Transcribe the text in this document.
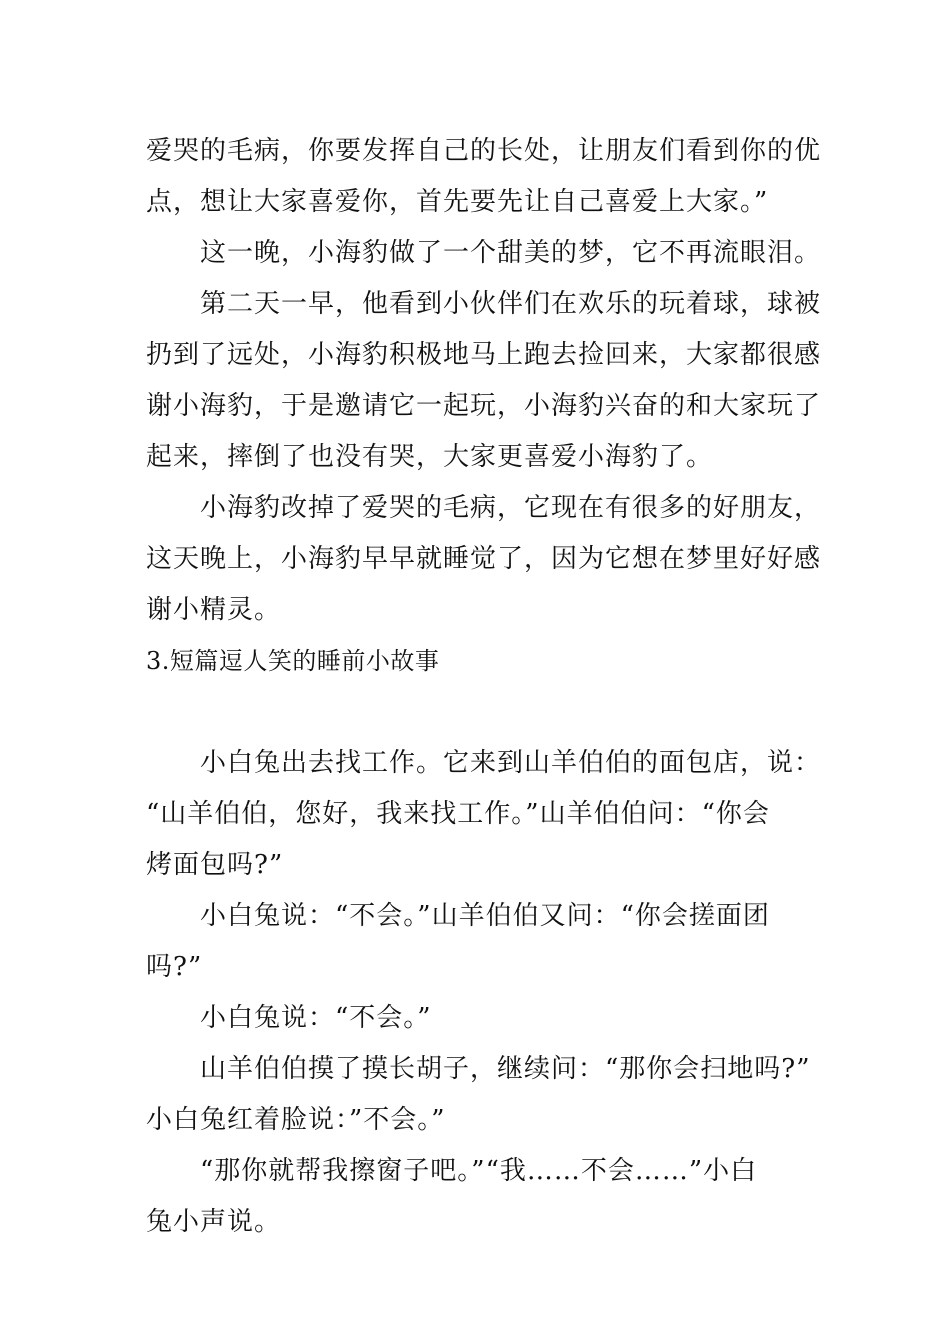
爱哭的毛病，你要发挥自己的长处，让朋友们看到你的优
点，想让大家喜爱你，首先要先让自己喜爱上大家。”

这一晚，小海豹做了一个甜美的梦，它不再流眼泪。

第二天一早，他看到小伙伴们在欢乐的玩着球，球被
扔到了远处，小海豹积极地马上跑去捡回来，大家都很感
谢小海豹，于是邀请它一起玩，小海豹兴奋的和大家玩了
起来，摔倒了也没有哭，大家更喜爱小海豹了。

小海豹改掉了爱哭的毛病，它现在有很多的好朋友，
这天晚上，小海豹早早就睡觉了，因为它想在梦里好好感
谢小精灵。

3.短篇逗人笑的睡前小故事

小白兔出去找工作。它来到山羊伯伯的面包店，说：
“山羊伯伯，您好，我来找工作。”山羊伯伯问：“你会
烤面包吗?”

小白兔说：“不会。”山羊伯伯又问：“你会搓面团
吗?”

小白兔说：“不会。”

山羊伯伯摸了摸长胡子，继续问：“那你会扫地吗?”
小白兔红着脸说：”不会。”

“那你就帮我擦窗子吧。”“我……不会……”小白
兔小声说。
